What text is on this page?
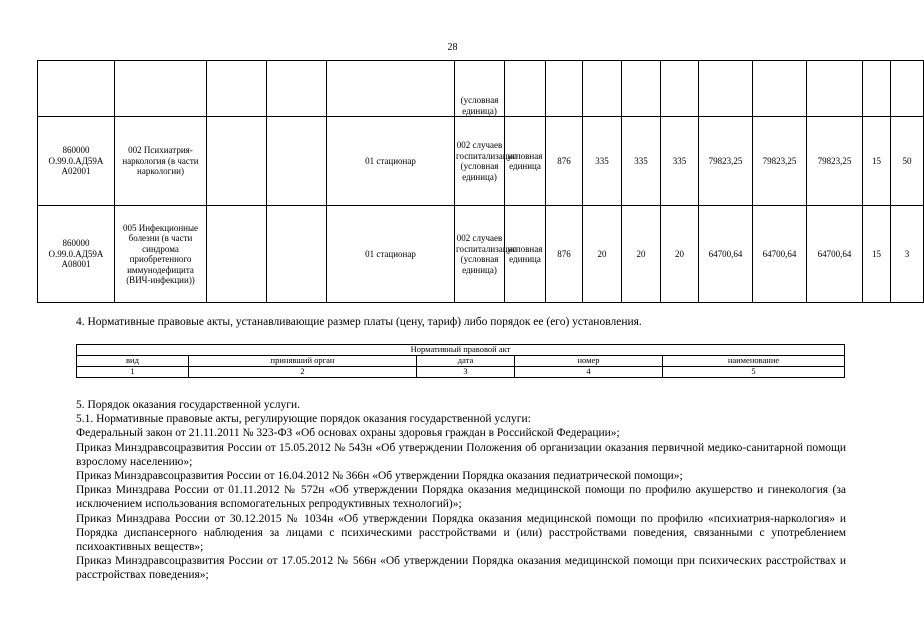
28
					(условная единица)										
860000 О.99.0.АД59А А02001	002 Психиатрия-наркология (в части наркологии)			01 стационар	002 случаев госпитализации (условная единица)	условная единица	876	335	335	335	79823,25	79823,25	79823,25	15	50
860000 О.99.0.АД59А А08001	005 Инфекционные болезни (в части синдрома приобретенного иммунодефицита (ВИЧ-инфекции))			01 стационар	002 случаев госпитализации (условная единица)	условная единица	876	20	20	20	64700,64	64700,64	64700,64	15	3
4. Нормативные правовые акты, устанавливающие размер платы (цену, тариф) либо порядок ее (его) установления.
Нормативный правовой акт				
вид	принявший орган	дата	номер	наименование
1	2	3	4	5

5. Порядок оказания государственной услуги.

5.1. Нормативные правовые акты, регулирующие порядок оказания государственной услуги:

Федеральный закон от 21.11.2011 № 323-ФЗ «Об основах охраны здоровья граждан в Российской Федерации»;

Приказ Минздравсоцразвития России от 15.05.2012 № 543н «Об утверждении Положения об организации оказания первичной медико-санитарной помощи взрослому населению»;

Приказ Минздравсоцразвития России от 16.04.2012 № 366н «Об утверждении Порядка оказания педиатрической помощи»;

Приказ Минздрава России от 01.11.2012 № 572н «Об утверждении Порядка оказания медицинской помощи по профилю акушерство и гинекология (за исключением использования вспомогательных репродуктивных технологий)»;

Приказ Минздрава России от 30.12.2015 № 1034н «Об утверждении Порядка оказания медицинской помощи по профилю «психиатрия-наркология» и Порядка диспансерного наблюдения за лицами с психическими расстройствами и (или) расстройствами поведения, связанными с употреблением психоактивных веществ»;

Приказ Минздравсоцразвития России от 17.05.2012 № 566н «Об утверждении Порядка оказания медицинской помощи при психических расстройствах и расстройствах поведения»;
